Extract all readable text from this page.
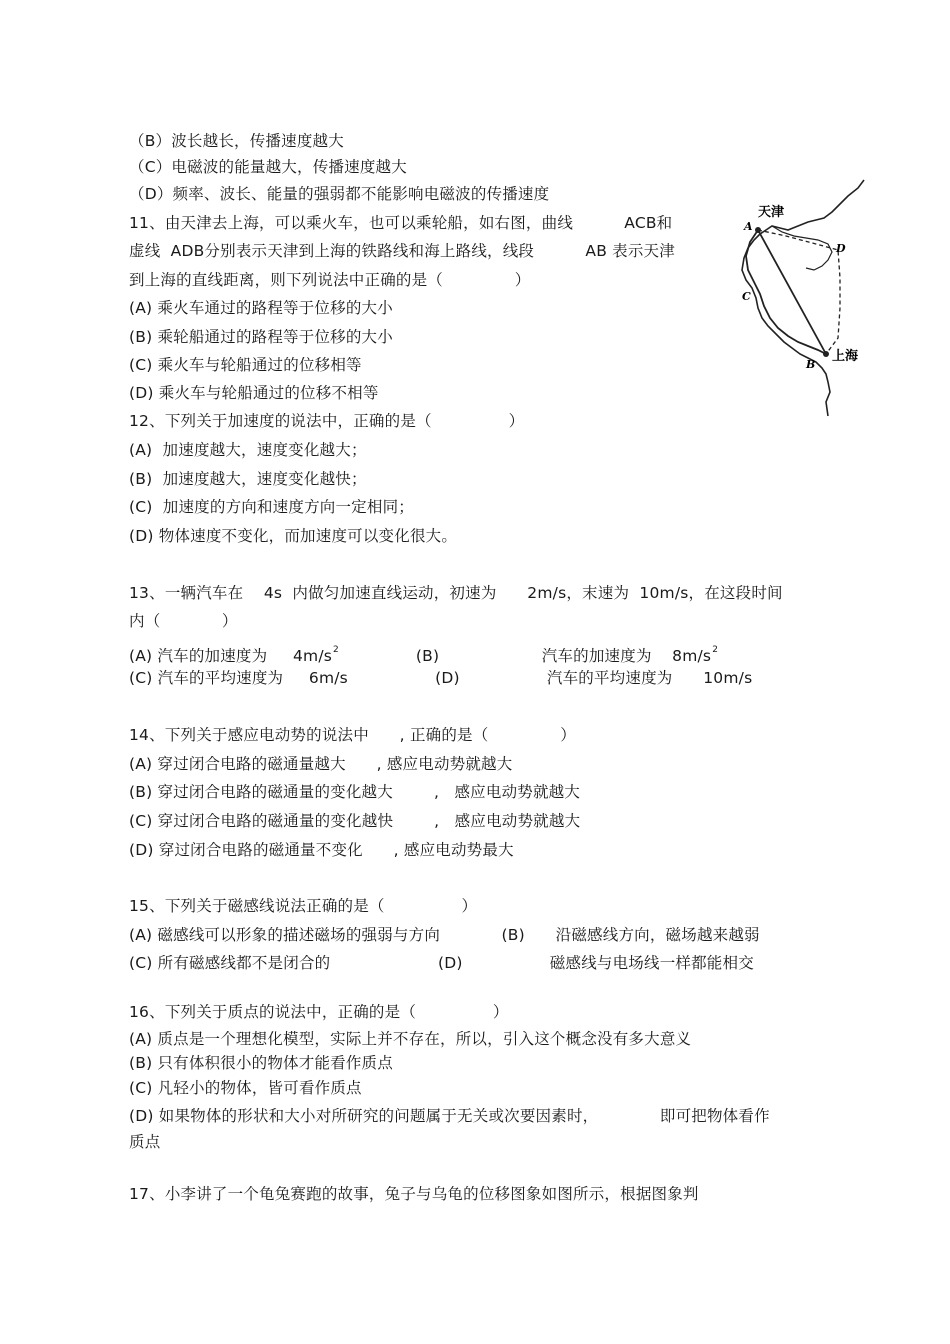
（B）波长越长，传播速度越大
（C）电磁波的能量越大，传播速度越大
（D）频率、波长、能量的强弱都不能影响电磁波的传播速度
11、由天津去上海，可以乘火车，也可以乘轮船，如右图，曲线          ACB和
虚线  ADB分别表示天津到上海的铁路线和海上路线，线段          AB 表示天津
到上海的直线距离，则下列说法中正确的是（              ）
(A) 乘火车通过的路程等于位移的大小
(B) 乘轮船通过的路程等于位移的大小
(C) 乘火车与轮船通过的位移相等
(D) 乘火车与轮船通过的位移不相等
12、下列关于加速度的说法中，正确的是（               ）
(A)  加速度越大，速度变化越大；
(B)  加速度越大，速度变化越快；
(C)  加速度的方向和速度方向一定相同；
(D) 物体速度不变化，而加速度可以变化很大。
13、一辆汽车在    4s  内做匀加速直线运动，初速为      2m/s，末速为  10m/s，在这段时间
内（            ）
(A) 汽车的加速度为     $4m/s^2$               (B)                    汽车的加速度为    $8m/s^2$
(C) 汽车的平均速度为     6m/s                 (D)                 汽车的平均速度为      10m/s
14、下列关于感应电动势的说法中      , 正确的是（              ）
(A) 穿过闭合电路的磁通量越大      , 感应电动势就越大
(B) 穿过闭合电路的磁通量的变化越大        ,   感应电动势就越大
(C) 穿过闭合电路的磁通量的变化越快        ,   感应电动势就越大
(D) 穿过闭合电路的磁通量不变化      , 感应电动势最大
15、下列关于磁感线说法正确的是（               ）
(A) 磁感线可以形象的描述磁场的强弱与方向            (B)      沿磁感线方向，磁场越来越弱
(C) 所有磁感线都不是闭合的                     (D)                 磁感线与电场线一样都能相交
16、下列关于质点的说法中，正确的是（               ）
(A) 质点是一个理想化模型，实际上并不存在，所以，引入这个概念没有多大意义
(B) 只有体积很小的物体才能看作质点
(C) 凡轻小的物体，皆可看作质点
(D) 如果物体的形状和大小对所研究的问题属于无关或次要因素时，            即可把物体看作
质点
17、小李讲了一个龟兔赛跑的故事，兔子与乌龟的位移图象如图所示，根据图象判
天津
A
D
C
B
上海
